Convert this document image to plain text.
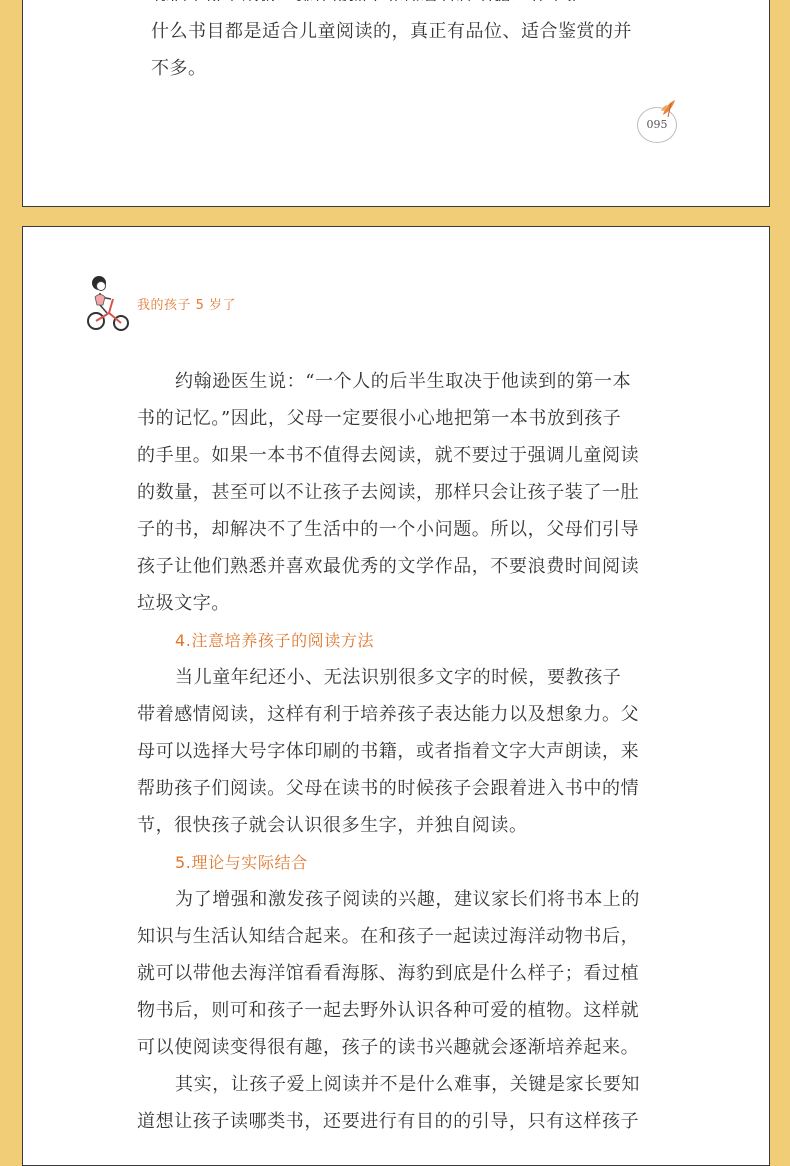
什么书目都是适合儿童阅读的，真正有品位、适合鉴赏的并

不多。

095
我的孩子 5 岁了

约翰逊医生说：“一个人的后半生取决于他读到的第一本

书的记忆。”因此，父母一定要很小心地把第一本书放到孩子

的手里。如果一本书不值得去阅读，就不要过于强调儿童阅读

的数量，甚至可以不让孩子去阅读，那样只会让孩子装了一肚

子的书，却解决不了生活中的一个小问题。所以，父母们引导

孩子让他们熟悉并喜欢最优秀的文学作品，不要浪费时间阅读

垃圾文字。

4.注意培养孩子的阅读方法

当儿童年纪还小、无法识别很多文字的时候，要教孩子

带着感情阅读，这样有利于培养孩子表达能力以及想象力。父

母可以选择大号字体印刷的书籍，或者指着文字大声朗读，来

帮助孩子们阅读。父母在读书的时候孩子会跟着进入书中的情

节，很快孩子就会认识很多生字，并独自阅读。

5.理论与实际结合

为了增强和激发孩子阅读的兴趣，建议家长们将书本上的

知识与生活认知结合起来。在和孩子一起读过海洋动物书后，

就可以带他去海洋馆看看海豚、海豹到底是什么样子；看过植

物书后，则可和孩子一起去野外认识各种可爱的植物。这样就

可以使阅读变得很有趣，孩子的读书兴趣就会逐渐培养起来。

其实，让孩子爱上阅读并不是什么难事，关键是家长要知

道想让孩子读哪类书，还要进行有目的的引导，只有这样孩子
